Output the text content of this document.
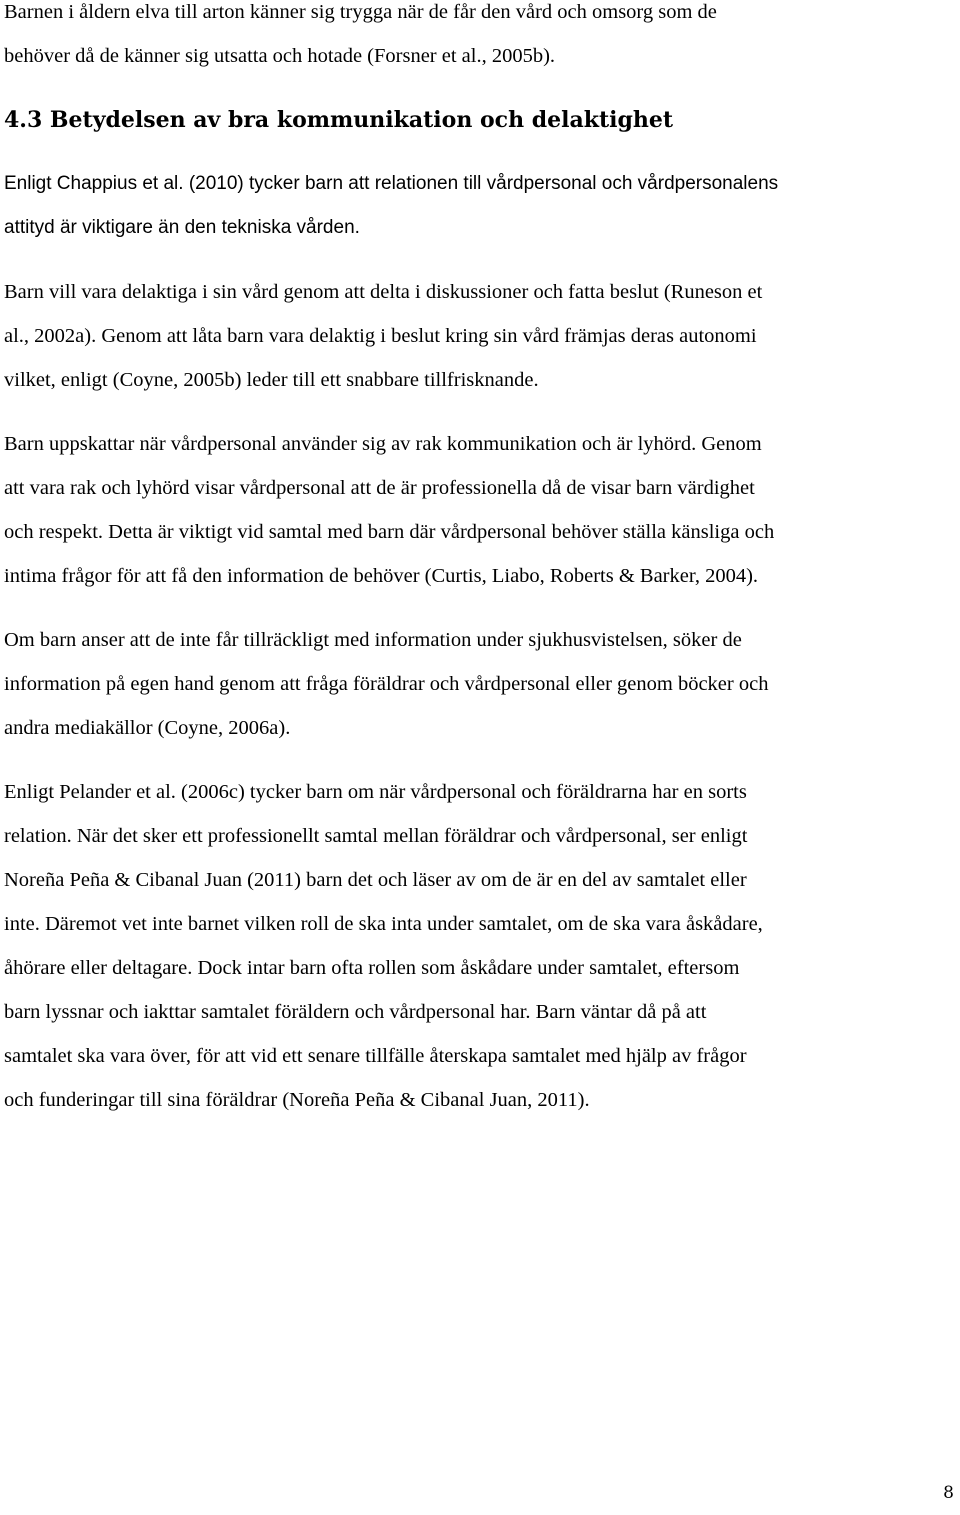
Barnen i åldern elva till arton känner sig trygga när de får den vård och omsorg som de
behöver då de känner sig utsatta och hotade (Forsner et al., 2005b).

4.3 Betydelsen av bra kommunikation och delaktighet

Enligt Chappius et al. (2010) tycker barn att relationen till vårdpersonal och vårdpersonalens
attityd är viktigare än den tekniska vården.

Barn vill vara delaktiga i sin vård genom att delta i diskussioner och fatta beslut (Runeson et
al., 2002a). Genom att låta barn vara delaktig i beslut kring sin vård främjas deras autonomi
vilket, enligt (Coyne, 2005b) leder till ett snabbare tillfrisknande.

Barn uppskattar när vårdpersonal använder sig av rak kommunikation och är lyhörd. Genom
att vara rak och lyhörd visar vårdpersonal att de är professionella då de visar barn värdighet
och respekt. Detta är viktigt vid samtal med barn där vårdpersonal behöver ställa känsliga och
intima frågor för att få den information de behöver (Curtis, Liabo, Roberts & Barker, 2004).

Om barn anser att de inte får tillräckligt med information under sjukhusvistelsen, söker de
information på egen hand genom att fråga föräldrar och vårdpersonal eller genom böcker och
andra mediakällor (Coyne, 2006a).

Enligt Pelander et al. (2006c) tycker barn om när vårdpersonal och föräldrarna har en sorts
relation. När det sker ett professionellt samtal mellan föräldrar och vårdpersonal, ser enligt
Noreña Peña & Cibanal Juan (2011) barn det och läser av om de är en del av samtalet eller
inte. Däremot vet inte barnet vilken roll de ska inta under samtalet, om de ska vara åskådare,
åhörare eller deltagare. Dock intar barn ofta rollen som åskådare under samtalet, eftersom
barn lyssnar och iakttar samtalet föräldern och vårdpersonal har. Barn väntar då på att
samtalet ska vara över, för att vid ett senare tillfälle återskapa samtalet med hjälp av frågor
och funderingar till sina föräldrar (Noreña Peña & Cibanal Juan, 2011).

8
